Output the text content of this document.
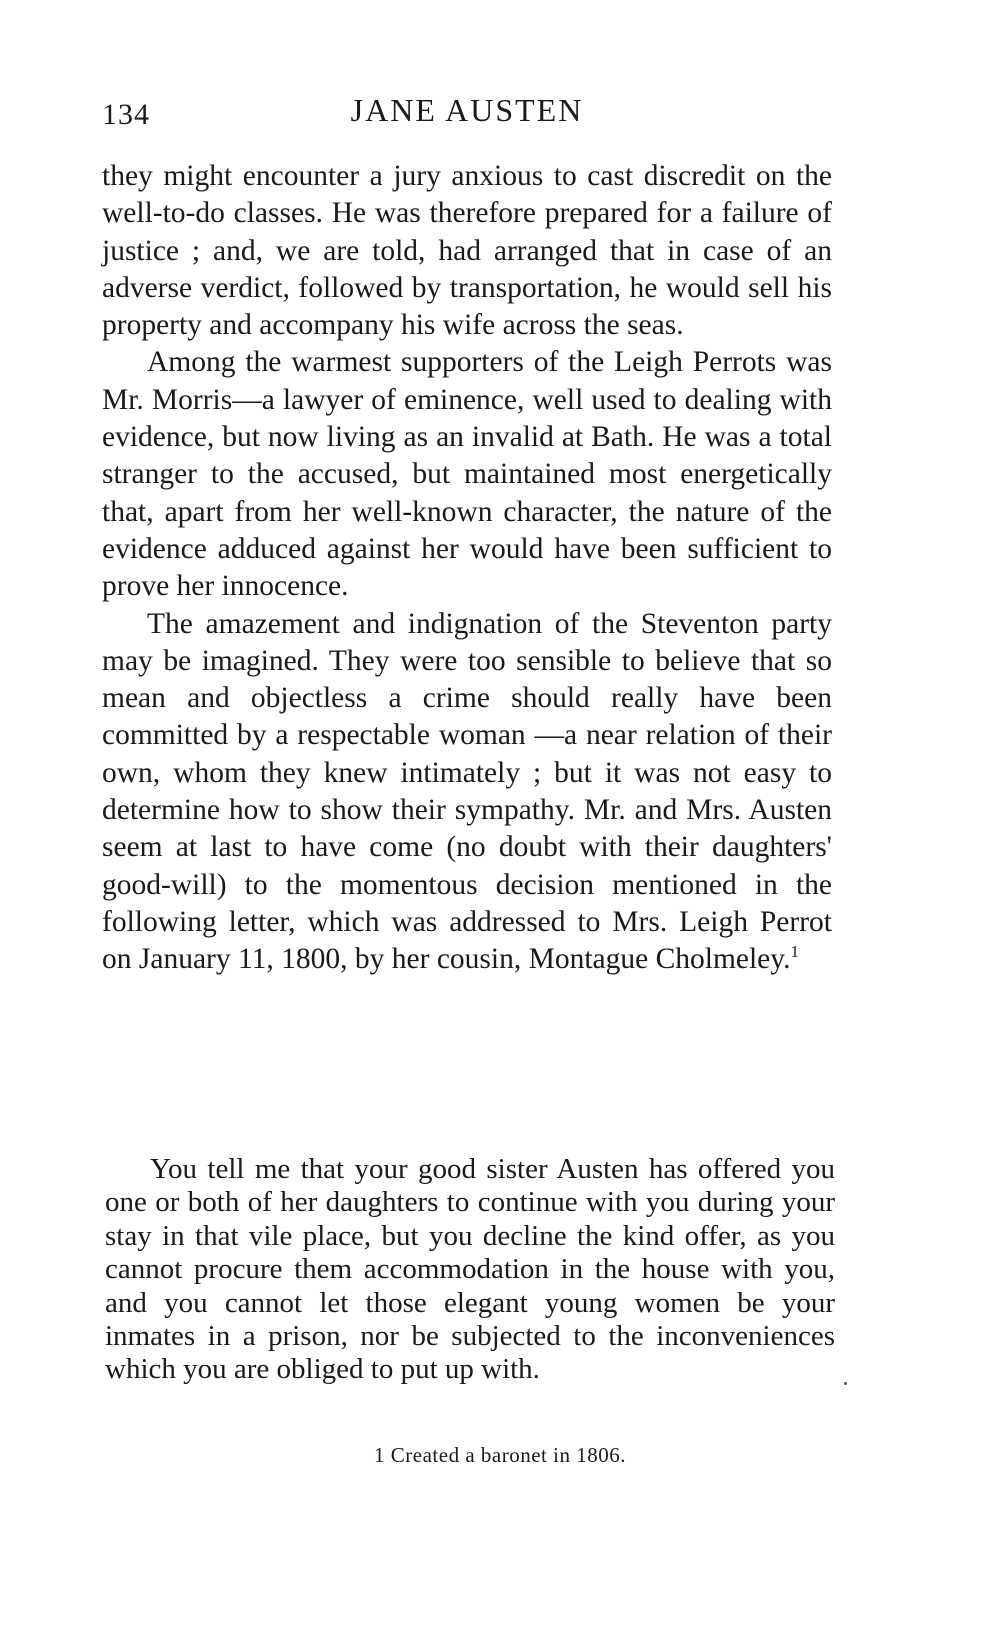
134	JANE AUSTEN

they might encounter a jury anxious to cast discredit on the well-to-do classes. He was therefore prepared for a failure of justice ; and, we are told, had arranged that in case of an adverse verdict, followed by transportation, he would sell his property and accompany his wife across the seas.

Among the warmest supporters of the Leigh Perrots was Mr. Morris—a lawyer of eminence, well used to dealing with evidence, but now living as an invalid at Bath. He was a total stranger to the accused, but maintained most energetically that, apart from her well-known character, the nature of the evidence adduced against her would have been sufficient to prove her innocence.

The amazement and indignation of the Steventon party may be imagined. They were too sensible to believe that so mean and objectless a crime should really have been committed by a respectable woman —a near relation of their own, whom they knew intimately ; but it was not easy to determine how to show their sympathy. Mr. and Mrs. Austen seem at last to have come (no doubt with their daughters' good-will) to the momentous decision mentioned in the following letter, which was addressed to Mrs. Leigh Perrot on January 11, 1800, by her cousin, Montague Cholmeley.$^1$

You tell me that your good sister Austen has offered you one or both of her daughters to continue with you during your stay in that vile place, but you decline the kind offer, as you cannot procure them accommodation in the house with you, and you cannot let those elegant young women be your inmates in a prison, nor be subjected to the inconveniences which you are obliged to put up with.
1 Created a baronet in 1806.
